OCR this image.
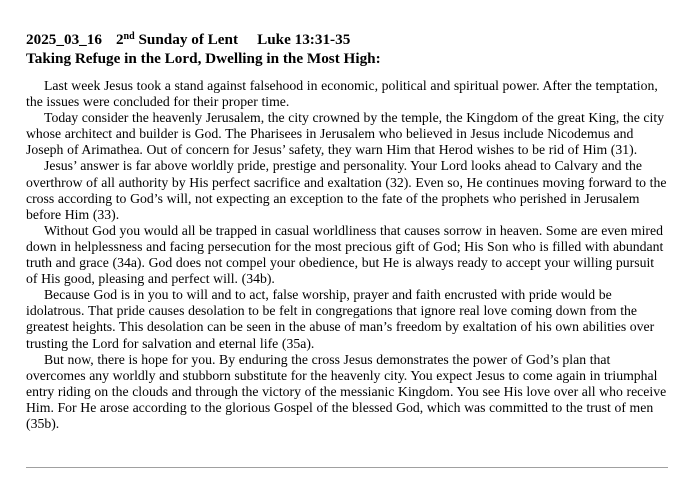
2025_03_16 2nd Sunday of Lent Luke 13:31-35
Taking Refuge in the Lord, Dwelling in the Most High:

Last week Jesus took a stand against falsehood in economic, political and spiritual power. After the temptation, the issues were concluded for their proper time.

Today consider the heavenly Jerusalem, the city crowned by the temple, the Kingdom of the great King, the city whose architect and builder is God. The Pharisees in Jerusalem who believed in Jesus include Nicodemus and Joseph of Arimathea. Out of concern for Jesus’ safety, they warn Him that Herod wishes to be rid of Him (31).

Jesus’ answer is far above worldly pride, prestige and personality. Your Lord looks ahead to Calvary and the overthrow of all authority by His perfect sacrifice and exaltation (32). Even so, He continues moving forward to the cross according to God’s will, not expecting an exception to the fate of the prophets who perished in Jerusalem before Him (33).

Without God you would all be trapped in casual worldliness that causes sorrow in heaven. Some are even mired down in helplessness and facing persecution for the most precious gift of God; His Son who is filled with abundant truth and grace (34a). God does not compel your obedience, but He is always ready to accept your willing pursuit of His good, pleasing and perfect will. (34b).

Because God is in you to will and to act, false worship, prayer and faith encrusted with pride would be idolatrous. That pride causes desolation to be felt in congregations that ignore real love coming down from the greatest heights. This desolation can be seen in the abuse of man’s freedom by exaltation of his own abilities over trusting the Lord for salvation and eternal life (35a).

But now, there is hope for you. By enduring the cross Jesus demonstrates the power of God’s plan that overcomes any worldly and stubborn substitute for the heavenly city. You expect Jesus to come again in triumphal entry riding on the clouds and through the victory of the messianic Kingdom. You see His love over all who receive Him. For He arose according to the glorious Gospel of the blessed God, which was committed to the trust of men (35b).
